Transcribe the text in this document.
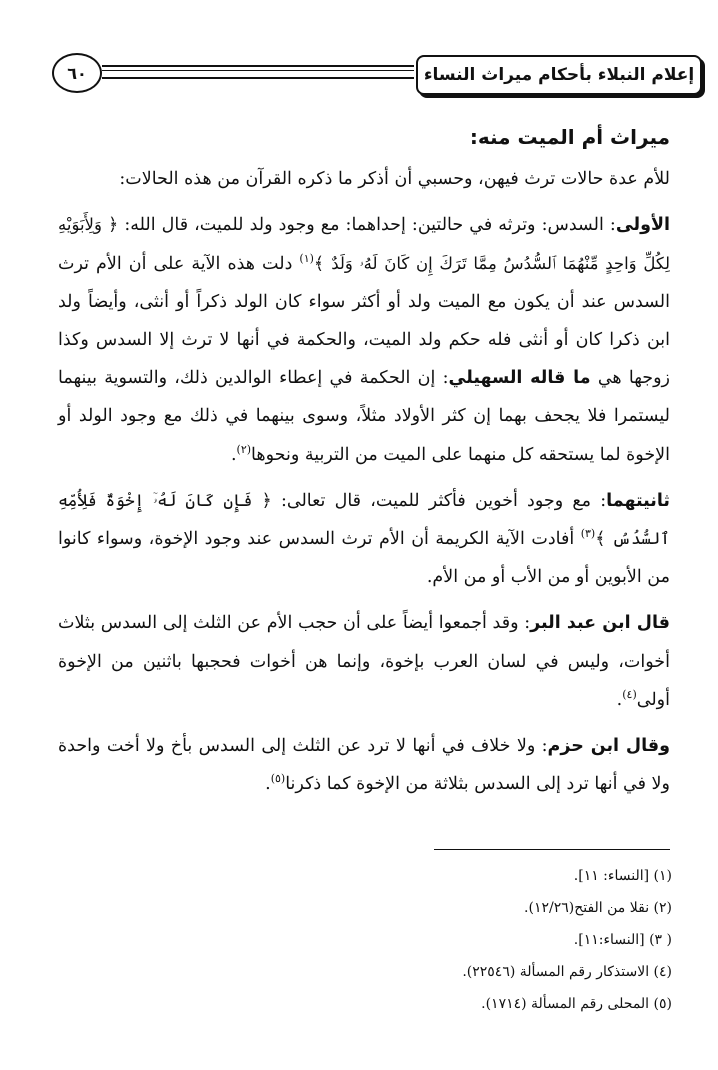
٦٠	إعلام النبلاء بأحكام ميراث النساء

ميراث أم الميت منه:

للأم عدة حالات ترث فيهن، وحسبي أن أذكر ما ذكره القرآن من هذه الحالات:

الأولى: السدس: وترثه في حالتين: إحداهما: مع وجود ولد للميت، قال الله: ﴿ وَلِأَبَوَيْهِ لِكُلِّ وَاحِدٍ مِّنْهُمَا ٱلسُّدُسُ مِمَّا تَرَكَ إِن كَانَ لَهُۥ وَلَدٌ ﴾$^{(١)}$ دلت هذه الآية على أن الأم ترث السدس عند أن يكون مع الميت ولد أو أكثر سواء كان الولد ذكراً أو أنثى، وأيضاً ولد ابن ذكرا كان أو أنثى فله حكم ولد الميت، والحكمة في أنها لا ترث إلا السدس وكذا زوجها هي ما قاله السهيلي: إن الحكمة في إعطاء الوالدين ذلك، والتسوية بينهما ليستمرا فلا يجحف بهما إن كثر الأولاد مثلاً، وسوى بينهما في ذلك مع وجود الولد أو الإخوة لما يستحقه كل منهما على الميت من التربية ونحوها$^{(٢)}$.

ثانيتهما: مع وجود أخوين فأكثر للميت، قال تعالى: ﴿ فَإِن كَانَ لَهُۥٓ إِخْوَةٌ فَلِأُمِّهِ ٱلسُّدُسُ ﴾$^{(٣)}$ أفادت الآية الكريمة أن الأم ترث السدس عند وجود الإخوة، وسواء كانوا من الأبوين أو من الأب أو من الأم.

قال ابن عبد البر: وقد أجمعوا أيضاً على أن حجب الأم عن الثلث إلى السدس بثلاث أخوات، وليس في لسان العرب بإخوة، وإنما هن أخوات فحجبها باثنين من الإخوة أولى$^{(٤)}$.

وقال ابن حزم: ولا خلاف في أنها لا ترد عن الثلث إلى السدس بأخ ولا أخت واحدة ولا في أنها ترد إلى السدس بثلاثة من الإخوة كما ذكرنا$^{(٥)}$.

(١) [النساء: ١١].

(٢) نقلا من الفتح(١٢/٢٦).

( ٣) [النساء:١١].

(٤) الاستذكار رقم المسألة (٢٢٥٤٦).

(٥) المحلى رقم المسألة (١٧١٤).
